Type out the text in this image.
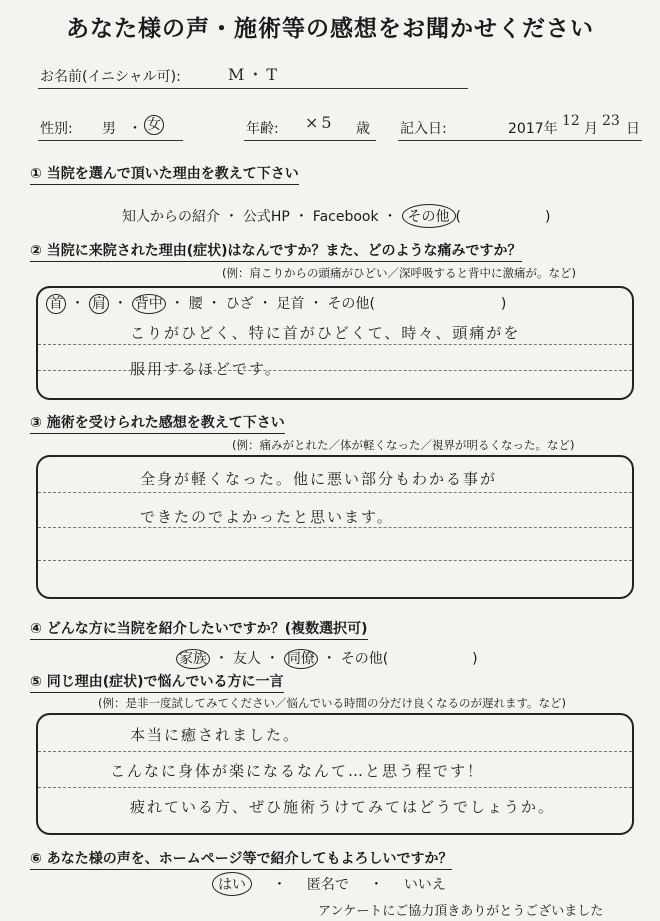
あなた様の声・施術等の感想をお聞かせください
お名前(イニシャル可):	M・T
性別: 男 ・ 女	年齢: ×5 歳 記入日:	2017年 12 月 23 日
① 当院を選んで頂いた理由を教えて下さい
知人からの紹介 ・ 公式HP ・ Facebook ・ その他 (　　　　　　)
② 当院に来院された理由(症状)はなんですか？また、どのような痛みですか？
(例：肩こりからの頭痛がひどい／深呼吸すると背中に激痛が。など)
首 ・ 肩 ・ 背中 ・ 腰 ・ ひざ ・ 足首 ・ その他(　　　　　　　　　)
こりがひどく、特に首がひどくて、時々、頭痛がを
服用するほどです。
③ 施術を受けられた感想を教えて下さい
(例：痛みがとれた／体が軽くなった／視界が明るくなった。など)
全身が軽くなった。他に悪い部分もわかる事が
できたのでよかったと思います。
④ どんな方に当院を紹介したいですか？(複数選択可)
家族 ・ 友人 ・ 同僚 ・ その他(　　　　　　)
⑤ 同じ理由(症状)で悩んでいる方に一言
(例：是非一度試してみてください／悩んでいる時間の分だけ良くなるのが遅れます。など)
本当に癒されました。
こんなに身体が楽になるなんて…と思う程です！
疲れている方、ぜひ施術うけてみてはどうでしょうか。
⑥ あなた様の声を、ホームページ等で紹介してもよろしいですか？
はい ・ 匿名で ・ いいえ
アンケートにご協力頂きありがとうございました
